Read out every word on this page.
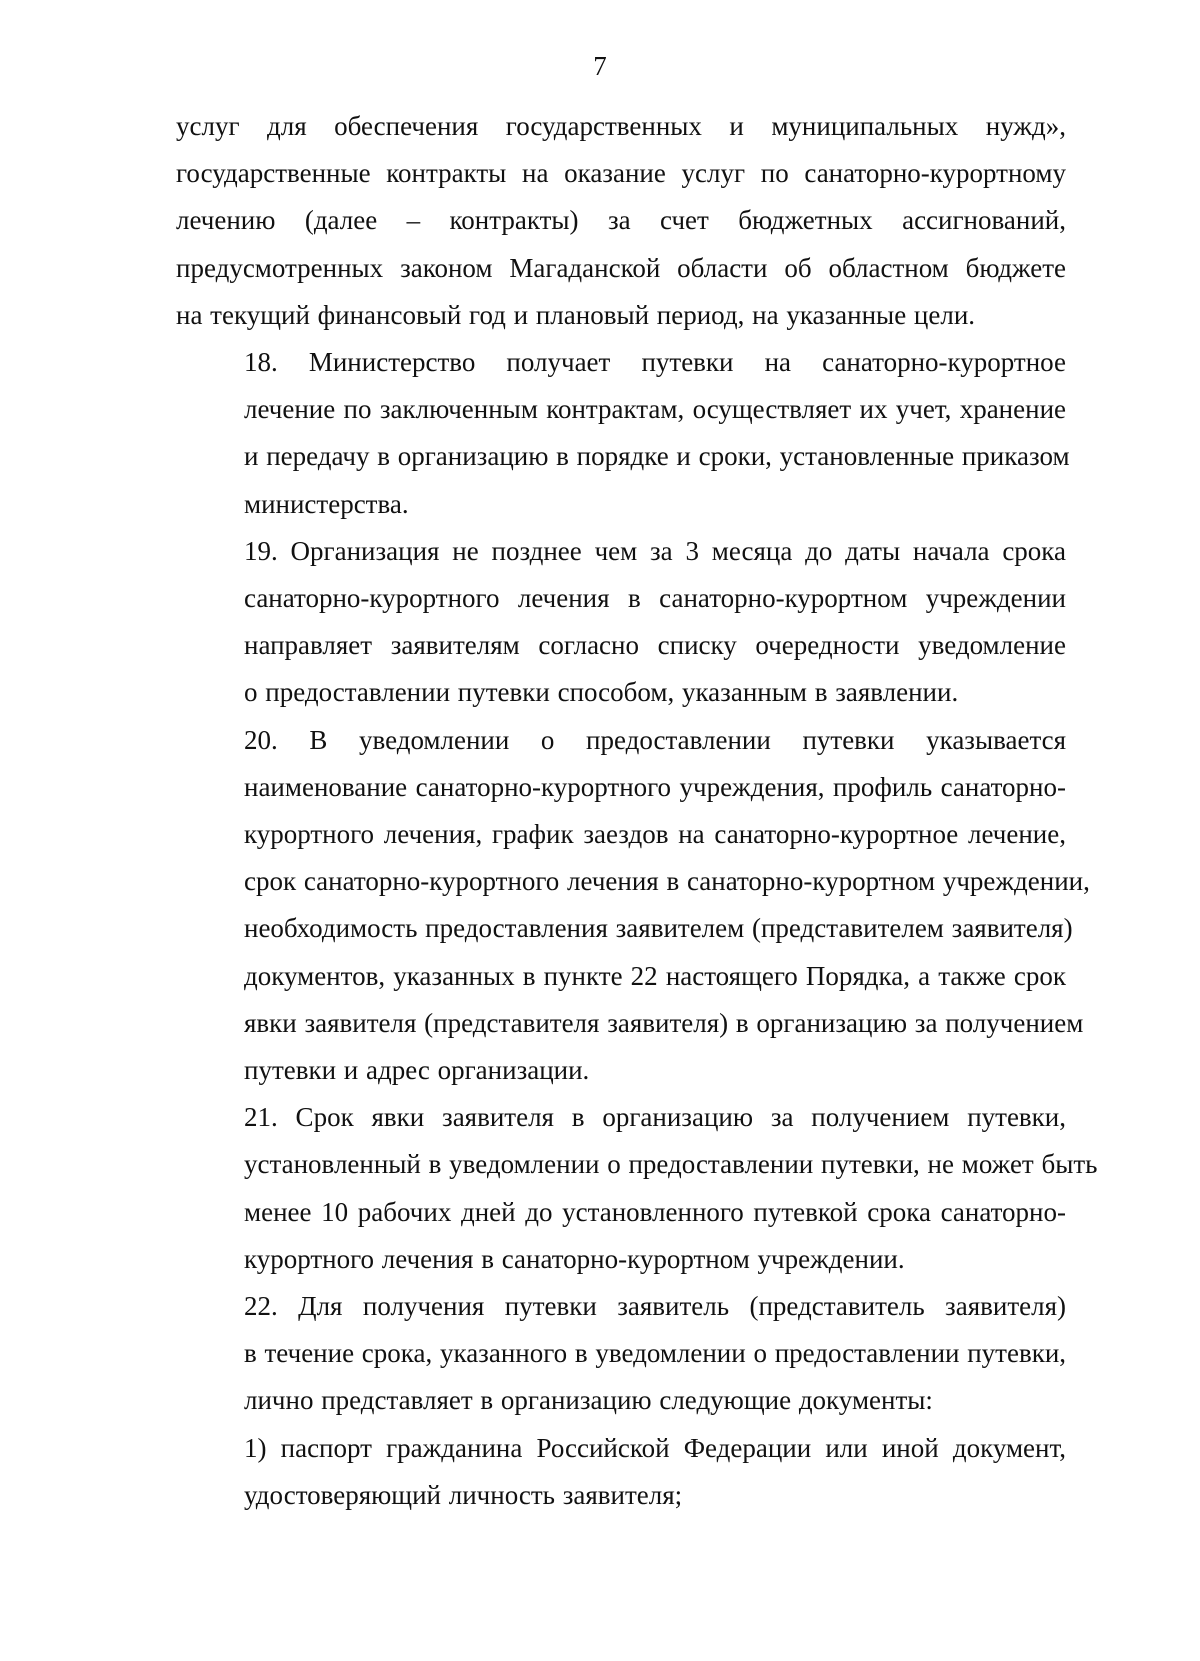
7

услуг для обеспечения государственных и муниципальных нужд»,
государственные контракты на оказание услуг по санаторно-курортному
лечению (далее – контракты) за счет бюджетных ассигнований,
предусмотренных законом Магаданской области об областном бюджете
на текущий финансовый год и плановый период, на указанные цели.

18. Министерство получает путевки на санаторно-курортное
лечение по заключенным контрактам, осуществляет их учет, хранение
и передачу в организацию в порядке и сроки, установленные приказом
министерства.

19. Организация не позднее чем за 3 месяца до даты начала срока
санаторно-курортного лечения в санаторно-курортном учреждении
направляет заявителям согласно списку очередности уведомление
о предоставлении путевки способом, указанным в заявлении.

20. В уведомлении о предоставлении путевки указывается
наименование санаторно-курортного учреждения, профиль санаторно-
курортного лечения, график заездов на санаторно-курортное лечение,
срок санаторно-курортного лечения в санаторно-курортном учреждении,
необходимость предоставления заявителем (представителем заявителя)
документов, указанных в пункте 22 настоящего Порядка, а также срок
явки заявителя (представителя заявителя) в организацию за получением
путевки и адрес организации.

21. Срок явки заявителя в организацию за получением путевки,
установленный в уведомлении о предоставлении путевки, не может быть
менее 10 рабочих дней до установленного путевкой срока санаторно-
курортного лечения в санаторно-курортном учреждении.

22. Для получения путевки заявитель (представитель заявителя)
в течение срока, указанного в уведомлении о предоставлении путевки,
лично представляет в организацию следующие документы:

1) паспорт гражданина Российской Федерации или иной документ,
удостоверяющий личность заявителя;
